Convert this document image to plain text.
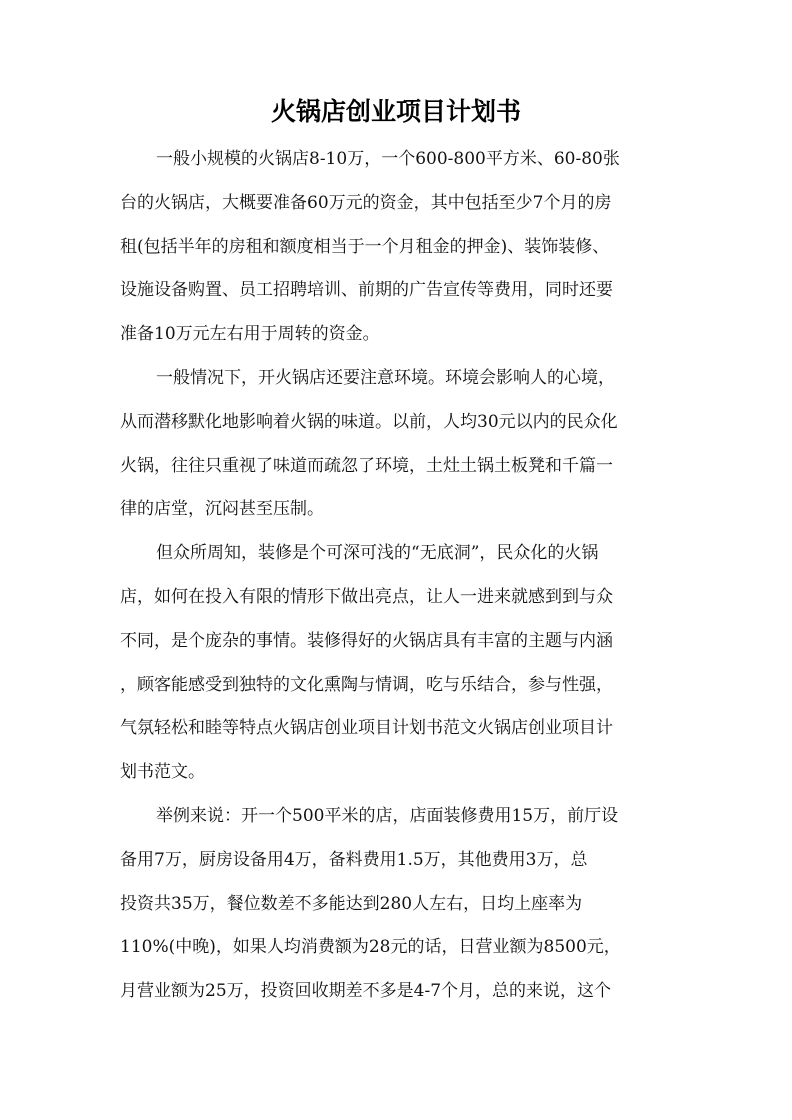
火锅店创业项目计划书
一般小规模的火锅店8-10万，一个600-800平方米、60-80张
台的火锅店，大概要准备60万元的资金，其中包括至少7个月的房
租(包括半年的房租和额度相当于一个月租金的押金)、装饰装修、
设施设备购置、员工招聘培训、前期的广告宣传等费用，同时还要
准备10万元左右用于周转的资金。
一般情况下，开火锅店还要注意环境。环境会影响人的心境，
从而潜移默化地影响着火锅的味道。以前，人均30元以内的民众化
火锅，往往只重视了味道而疏忽了环境，土灶土锅土板凳和千篇一
律的店堂，沉闷甚至压制。
但众所周知，装修是个可深可浅的“无底洞”，民众化的火锅
店，如何在投入有限的情形下做出亮点，让人一进来就感到到与众
不同，是个庞杂的事情。装修得好的火锅店具有丰富的主题与内涵
，顾客能感受到独特的文化熏陶与情调，吃与乐结合，参与性强，
气氛轻松和睦等特点火锅店创业项目计划书范文火锅店创业项目计
划书范文。
举例来说：开一个500平米的店，店面装修费用15万，前厅设
备用7万，厨房设备用4万，备料费用1.5万，其他费用3万，总
投资共35万，餐位数差不多能达到280人左右，日均上座率为
110%(中晚)，如果人均消费额为28元的话，日营业额为8500元，
月营业额为25万，投资回收期差不多是4-7个月，总的来说，这个
